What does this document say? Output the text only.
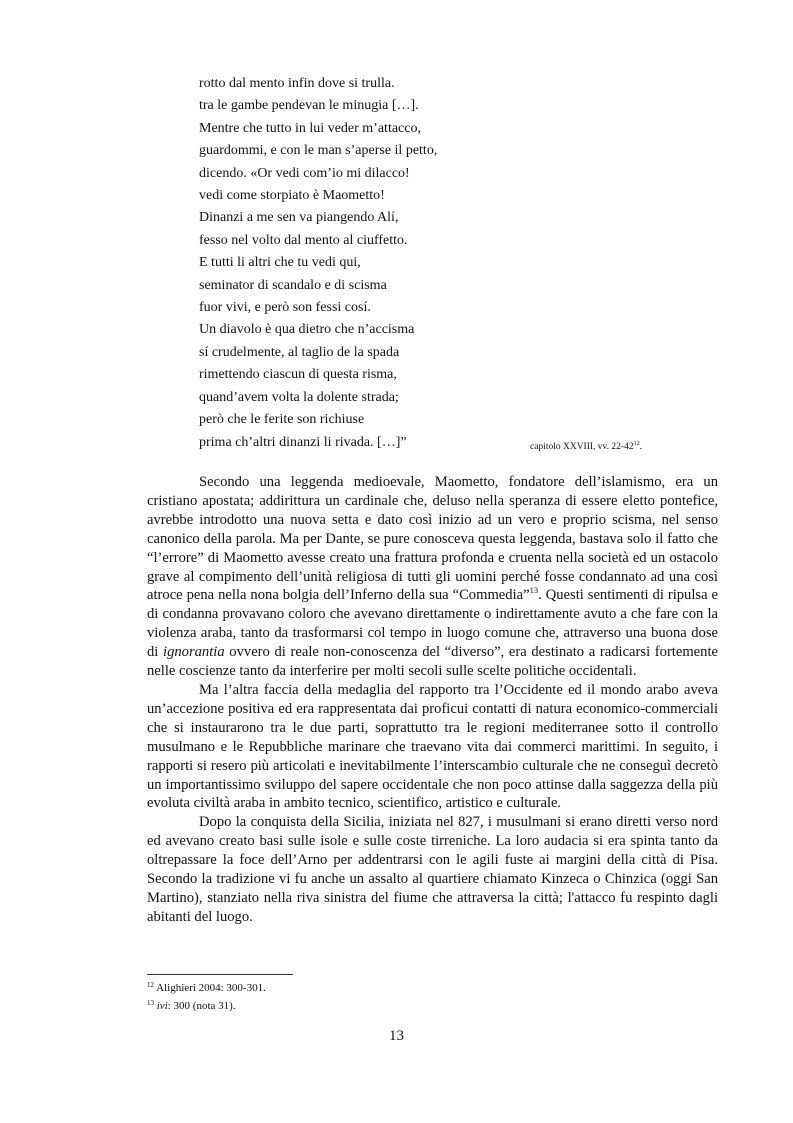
rotto dal mento infin dove si trulla.
tra le gambe pendevan le minugia […].
Mentre che tutto in lui veder m’attacco,
guardommi, e con le man s’aperse il petto,
dicendo. «Or vedi com’io mi dilacco!
vedi come storpiato è Maometto!
Dinanzi a me sen va piangendo Alí,
fesso nel volto dal mento al ciuffetto.
E tutti li altri che tu vedi qui,
seminator di scandalo e di scisma
fuor vivi, e però son fessi cosí.
Un diavolo è qua dietro che n’accisma
sí crudelmente, al taglio de la spada
rimettendo ciascun di questa risma,
quand’avem volta la dolente strada;
però che le ferite son richiuse
prima ch’altri dinanzi li rivada. […]”	capitolo XXVIII, vv. $22-42^{12}$.

Secondo una leggenda medioevale, Maometto, fondatore dell’islamismo, era un cristiano apostata; addirittura un cardinale che, deluso nella speranza di essere eletto pontefice, avrebbe introdotto una nuova setta e dato così inizio ad un vero e proprio scisma, nel senso canonico della parola. Ma per Dante, se pure conosceva questa leggenda, bastava solo il fatto che “l’errore” di Maometto avesse creato una frattura profonda e cruenta nella società ed un ostacolo grave al compimento dell’unità religiosa di tutti gli uomini perché fosse condannato ad una così atroce pena nella nona bolgia dell’Inferno della sua “Commedia”$^{13}$. Questi sentimenti di ripulsa e di condanna provavano coloro che avevano direttamente o indirettamente avuto a che fare con la violenza araba, tanto da trasformarsi col tempo in luogo comune che, attraverso una buona dose di ignorantia ovvero di reale non-conoscenza del “diverso”, era destinato a radicarsi fortemente nelle coscienze tanto da interferire per molti secoli sulle scelte politiche occidentali.

Ma l’altra faccia della medaglia del rapporto tra l’Occidente ed il mondo arabo aveva un’accezione positiva ed era rappresentata dai proficui contatti di natura economico-commerciali che si instaurarono tra le due parti, soprattutto tra le regioni mediterranee sotto il controllo musulmano e le Repubbliche marinare che traevano vita dai commerci marittimi. In seguito, i rapporti si resero più articolati e inevitabilmente l’interscambio culturale che ne conseguì decretò un importantissimo sviluppo del sapere occidentale che non poco attinse dalla saggezza della più evoluta civiltà araba in ambito tecnico, scientifico, artistico e culturale.

Dopo la conquista della Sicilia, iniziata nel 827, i musulmani si erano diretti verso nord ed avevano creato basi sulle isole e sulle coste tirreniche. La loro audacia si era spinta tanto da oltrepassare la foce dell’Arno per addentrarsi con le agili fuste ai margini della città di Pisa. Secondo la tradizione vi fu anche un assalto al quartiere chiamato Kinzeca o Chinzica (oggi San Martino), stanziato nella riva sinistra del fiume che attraversa la città; l'attacco fu respinto dagli abitanti del luogo.

$^{12}$ Alighieri 2004: 300-301.
$^{13}$ ivi: 300 (nota 31).
13
